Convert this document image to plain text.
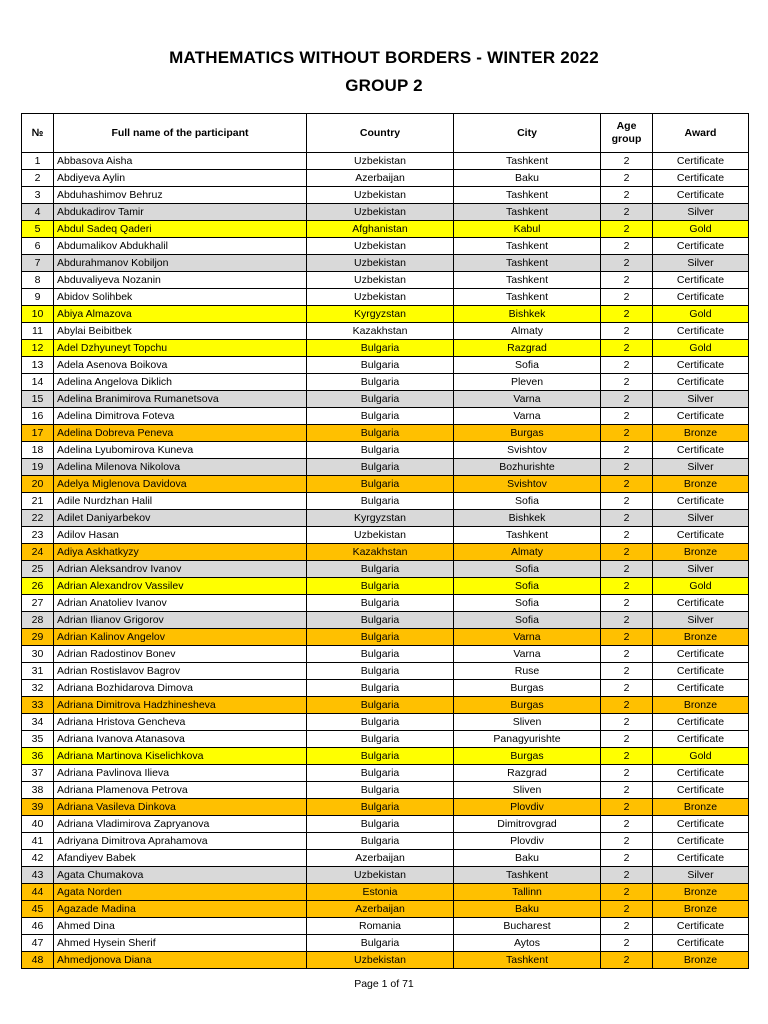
MATHEMATICS WITHOUT BORDERS - WINTER 2022
GROUP 2
№	Full name of the participant	Country	City	Age group	Award
1	Abbasova Aisha	Uzbekistan	Tashkent	2	Certificate
2	Abdiyeva Aylin	Azerbaijan	Baku	2	Certificate
3	Abduhashimov Behruz	Uzbekistan	Tashkent	2	Certificate
4	Abdukadirov Tamir	Uzbekistan	Tashkent	2	Silver
5	Abdul Sadeq Qaderi	Afghanistan	Kabul	2	Gold
6	Abdumalikov Abdukhalil	Uzbekistan	Tashkent	2	Certificate
7	Abdurahmanov Kobiljon	Uzbekistan	Tashkent	2	Silver
8	Abduvaliyeva Nozanin	Uzbekistan	Tashkent	2	Certificate
9	Abidov Solihbek	Uzbekistan	Tashkent	2	Certificate
10	Abiya Almazova	Kyrgyzstan	Bishkek	2	Gold
11	Abylai Beibitbek	Kazakhstan	Almaty	2	Certificate
12	Adel Dzhyuneyt Topchu	Bulgaria	Razgrad	2	Gold
13	Adela Asenova Boikova	Bulgaria	Sofia	2	Certificate
14	Adelina Angelova Diklich	Bulgaria	Pleven	2	Certificate
15	Adelina Branimirova Rumanetsova	Bulgaria	Varna	2	Silver
16	Adelina Dimitrova Foteva	Bulgaria	Varna	2	Certificate
17	Adelina Dobreva Peneva	Bulgaria	Burgas	2	Bronze
18	Adelina Lyubomirova Kuneva	Bulgaria	Svishtov	2	Certificate
19	Adelina Milenova Nikolova	Bulgaria	Bozhurishte	2	Silver
20	Adelya Miglenova Davidova	Bulgaria	Svishtov	2	Bronze
21	Adile Nurdzhan Halil	Bulgaria	Sofia	2	Certificate
22	Adilet Daniyarbekov	Kyrgyzstan	Bishkek	2	Silver
23	Adilov Hasan	Uzbekistan	Tashkent	2	Certificate
24	Adiya Askhatkyzy	Kazakhstan	Almaty	2	Bronze
25	Adrian Aleksandrov Ivanov	Bulgaria	Sofia	2	Silver
26	Adrian Alexandrov Vassilev	Bulgaria	Sofia	2	Gold
27	Adrian Anatoliev Ivanov	Bulgaria	Sofia	2	Certificate
28	Adrian Ilianov Grigorov	Bulgaria	Sofia	2	Silver
29	Adrian Kalinov Angelov	Bulgaria	Varna	2	Bronze
30	Adrian Radostinov Bonev	Bulgaria	Varna	2	Certificate
31	Adrian Rostislavov Bagrov	Bulgaria	Ruse	2	Certificate
32	Adriana Bozhidarova Dimova	Bulgaria	Burgas	2	Certificate
33	Adriana Dimitrova Hadzhinesheva	Bulgaria	Burgas	2	Bronze
34	Adriana Hristova Gencheva	Bulgaria	Sliven	2	Certificate
35	Adriana Ivanova Atanasova	Bulgaria	Panagyurishte	2	Certificate
36	Adriana Martinova Kiselichkova	Bulgaria	Burgas	2	Gold
37	Adriana Pavlinova Ilieva	Bulgaria	Razgrad	2	Certificate
38	Adriana Plamenova Petrova	Bulgaria	Sliven	2	Certificate
39	Adriana Vasileva Dinkova	Bulgaria	Plovdiv	2	Bronze
40	Adriana Vladimirova Zapryanova	Bulgaria	Dimitrovgrad	2	Certificate
41	Adriyana Dimitrova Aprahamova	Bulgaria	Plovdiv	2	Certificate
42	Afandiyev Babek	Azerbaijan	Baku	2	Certificate
43	Agata Chumakova	Uzbekistan	Tashkent	2	Silver
44	Agata Norden	Estonia	Tallinn	2	Bronze
45	Agazade Madina	Azerbaijan	Baku	2	Bronze
46	Ahmed Dina	Romania	Bucharest	2	Certificate
47	Ahmed Hysein Sherif	Bulgaria	Aytos	2	Certificate
48	Ahmedjonova Diana	Uzbekistan	Tashkent	2	Bronze
Page 1 of 71
